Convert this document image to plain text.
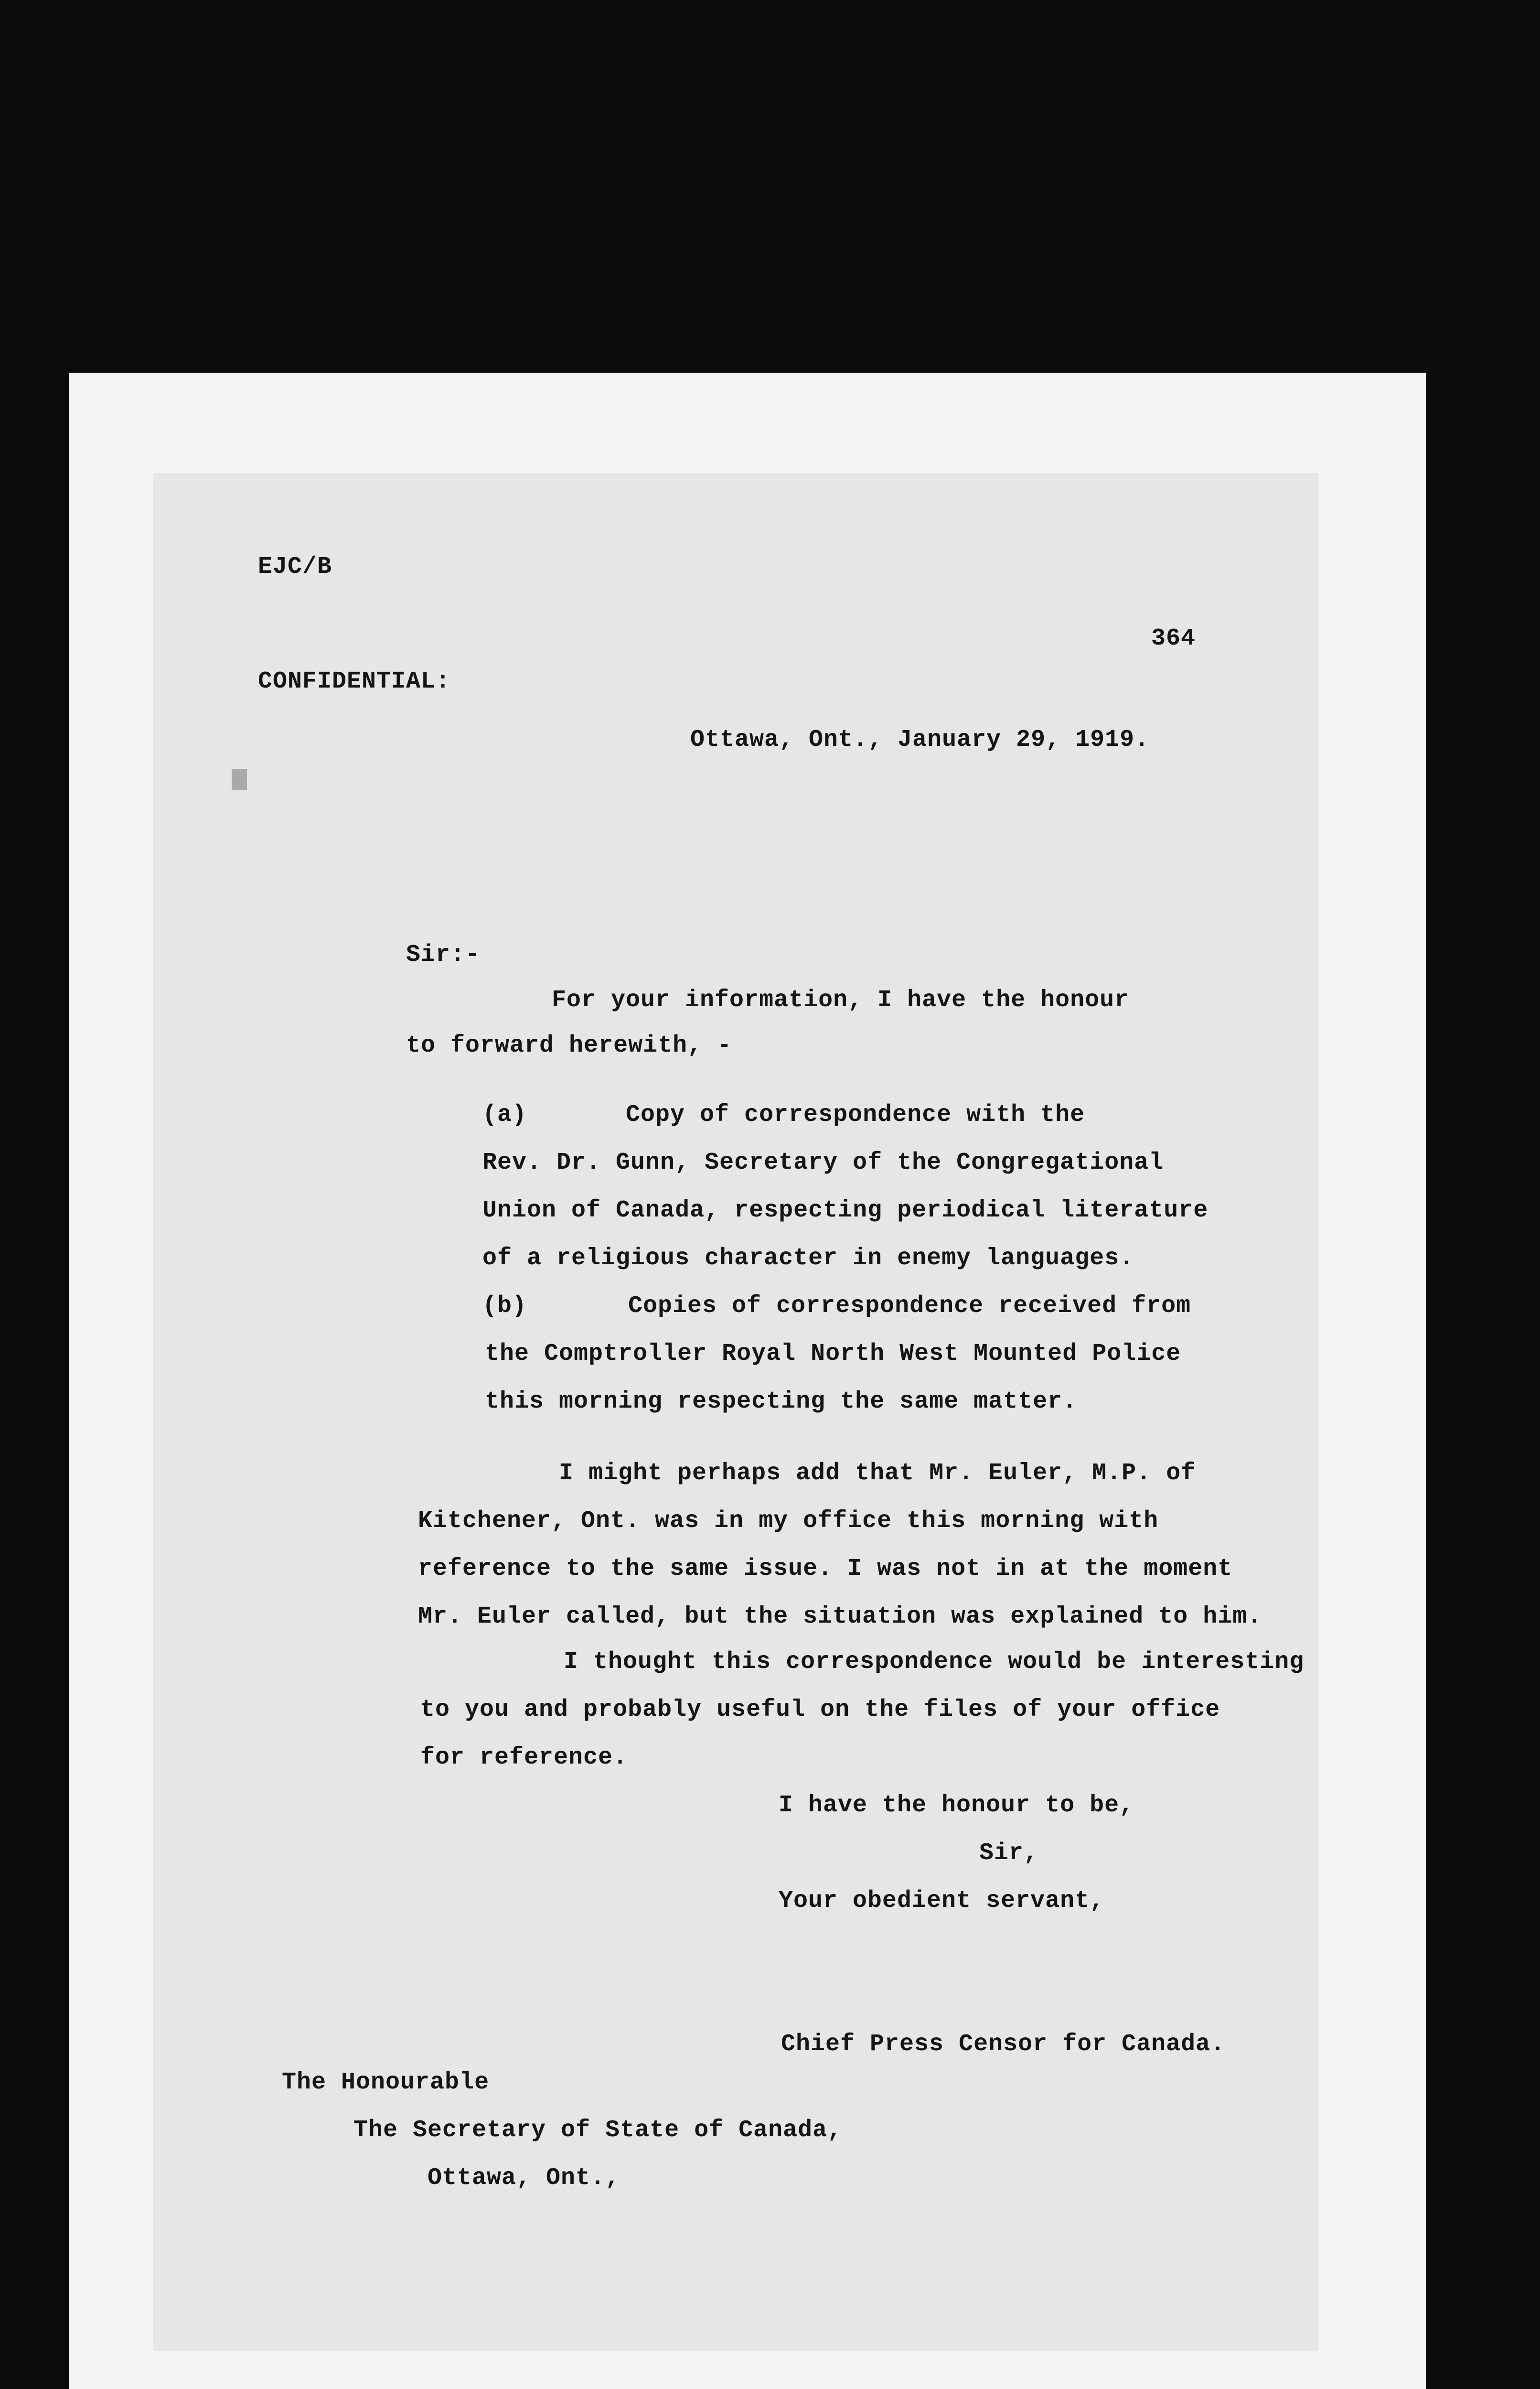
EJC/B
364
CONFIDENTIAL:
Ottawa, Ont., January 29, 1919.
Sir:-
For your information, I have the honour
to forward herewith, -
(a)	Copy of correspondence with the
Rev. Dr. Gunn, Secretary of the Congregational
Union of Canada, respecting periodical literature
of a religious character in enemy languages.
(b)	Copies of correspondence received from
the Comptroller Royal North West Mounted Police
this morning respecting the same matter.
I might perhaps add that Mr. Euler, M.P. of
Kitchener, Ont. was in my office this morning with
reference to the same issue. I was not in at the moment
Mr. Euler called, but the situation was explained to him.
I thought this correspondence would be interesting
to you and probably useful on the files of your office
for reference.
I have the honour to be,
Sir,
Your obedient servant,
Chief Press Censor for Canada.
The Honourable
The Secretary of State of Canada,
Ottawa, Ont.,
